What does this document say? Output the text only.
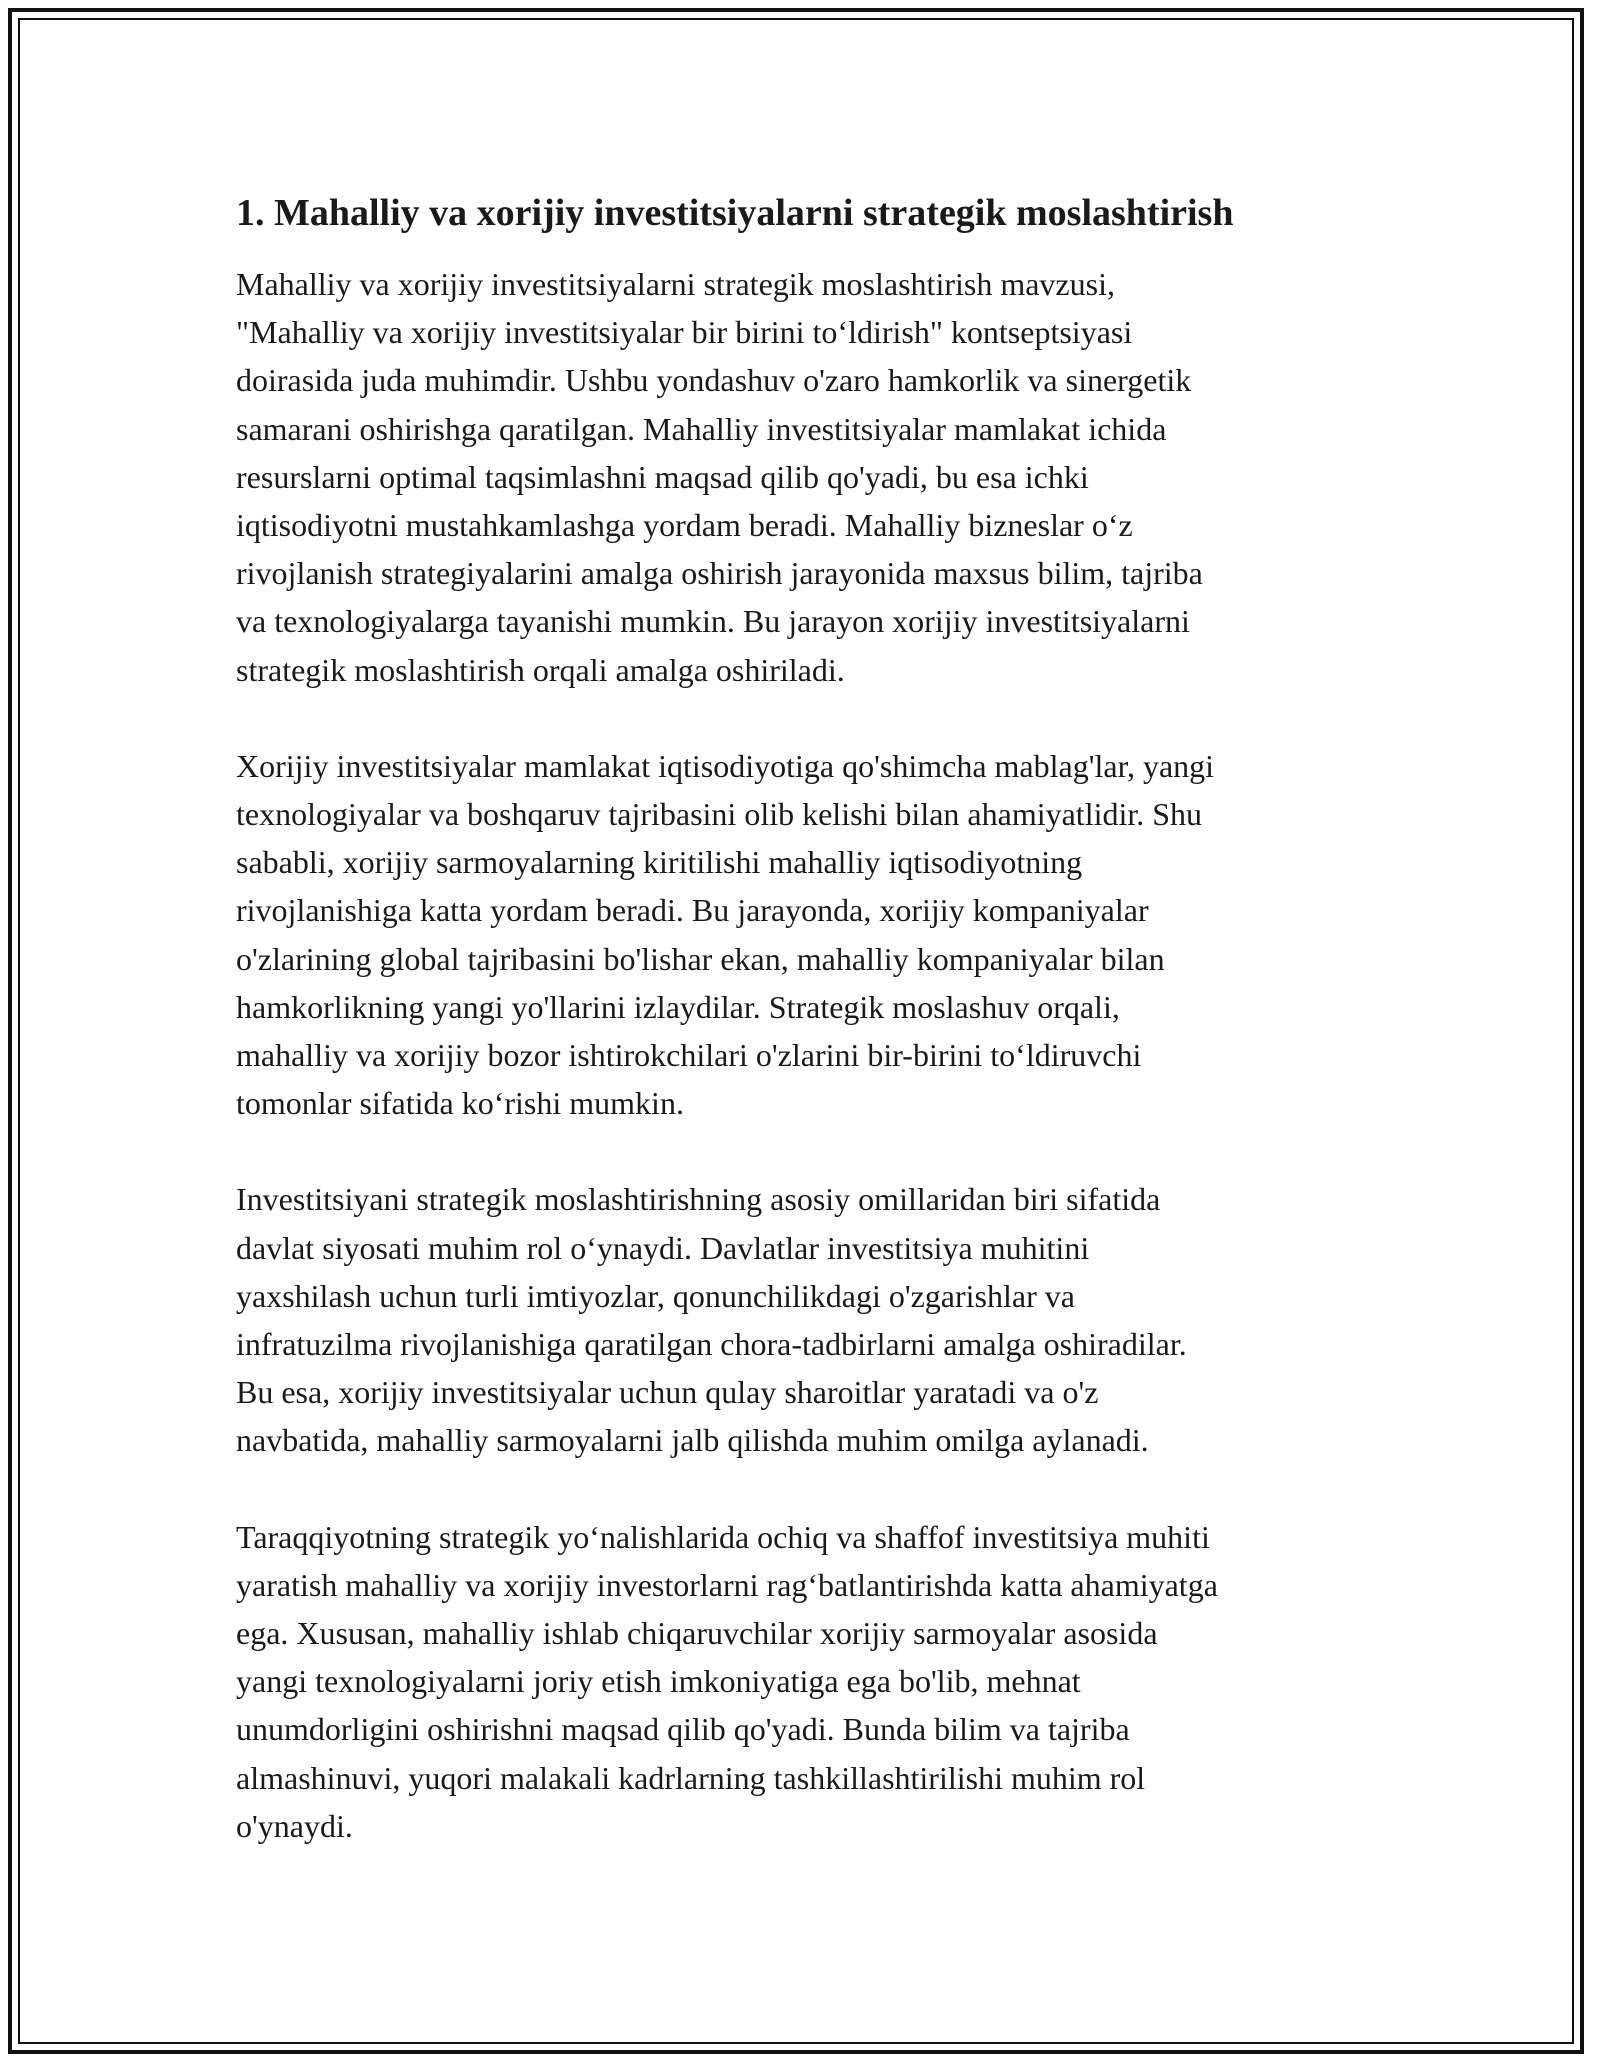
1. Mahalliy va xorijiy investitsiyalarni strategik moslashtirish

Mahalliy va xorijiy investitsiyalarni strategik moslashtirish mavzusi,
"Mahalliy va xorijiy investitsiyalar bir birini to‘ldirish" kontseptsiyasi
doirasida juda muhimdir. Ushbu yondashuv o'zaro hamkorlik va sinergetik
samarani oshirishga qaratilgan. Mahalliy investitsiyalar mamlakat ichida
resurslarni optimal taqsimlashni maqsad qilib qo'yadi, bu esa ichki
iqtisodiyotni mustahkamlashga yordam beradi. Mahalliy bizneslar o‘z
rivojlanish strategiyalarini amalga oshirish jarayonida maxsus bilim, tajriba
va texnologiyalarga tayanishi mumkin. Bu jarayon xorijiy investitsiyalarni
strategik moslashtirish orqali amalga oshiriladi.

Xorijiy investitsiyalar mamlakat iqtisodiyotiga qo'shimcha mablag'lar, yangi
texnologiyalar va boshqaruv tajribasini olib kelishi bilan ahamiyatlidir. Shu
sababli, xorijiy sarmoyalarning kiritilishi mahalliy iqtisodiyotning
rivojlanishiga katta yordam beradi. Bu jarayonda, xorijiy kompaniyalar
o'zlarining global tajribasini bo'lishar ekan, mahalliy kompaniyalar bilan
hamkorlikning yangi yo'llarini izlaydilar. Strategik moslashuv orqali,
mahalliy va xorijiy bozor ishtirokchilari o'zlarini bir-birini to‘ldiruvchi
tomonlar sifatida ko‘rishi mumkin.

Investitsiyani strategik moslashtirishning asosiy omillaridan biri sifatida
davlat siyosati muhim rol o‘ynaydi. Davlatlar investitsiya muhitini
yaxshilash uchun turli imtiyozlar, qonunchilikdagi o'zgarishlar va
infratuzilma rivojlanishiga qaratilgan chora-tadbirlarni amalga oshiradilar.
Bu esa, xorijiy investitsiyalar uchun qulay sharoitlar yaratadi va o'z
navbatida, mahalliy sarmoyalarni jalb qilishda muhim omilga aylanadi.

Taraqqiyotning strategik yo‘nalishlarida ochiq va shaffof investitsiya muhiti
yaratish mahalliy va xorijiy investorlarni rag‘batlantirishda katta ahamiyatga
ega. Xususan, mahalliy ishlab chiqaruvchilar xorijiy sarmoyalar asosida
yangi texnologiyalarni joriy etish imkoniyatiga ega bo'lib, mehnat
unumdorligini oshirishni maqsad qilib qo'yadi. Bunda bilim va tajriba
almashinuvi, yuqori malakali kadrlarning tashkillashtirilishi muhim rol
o'ynaydi.
